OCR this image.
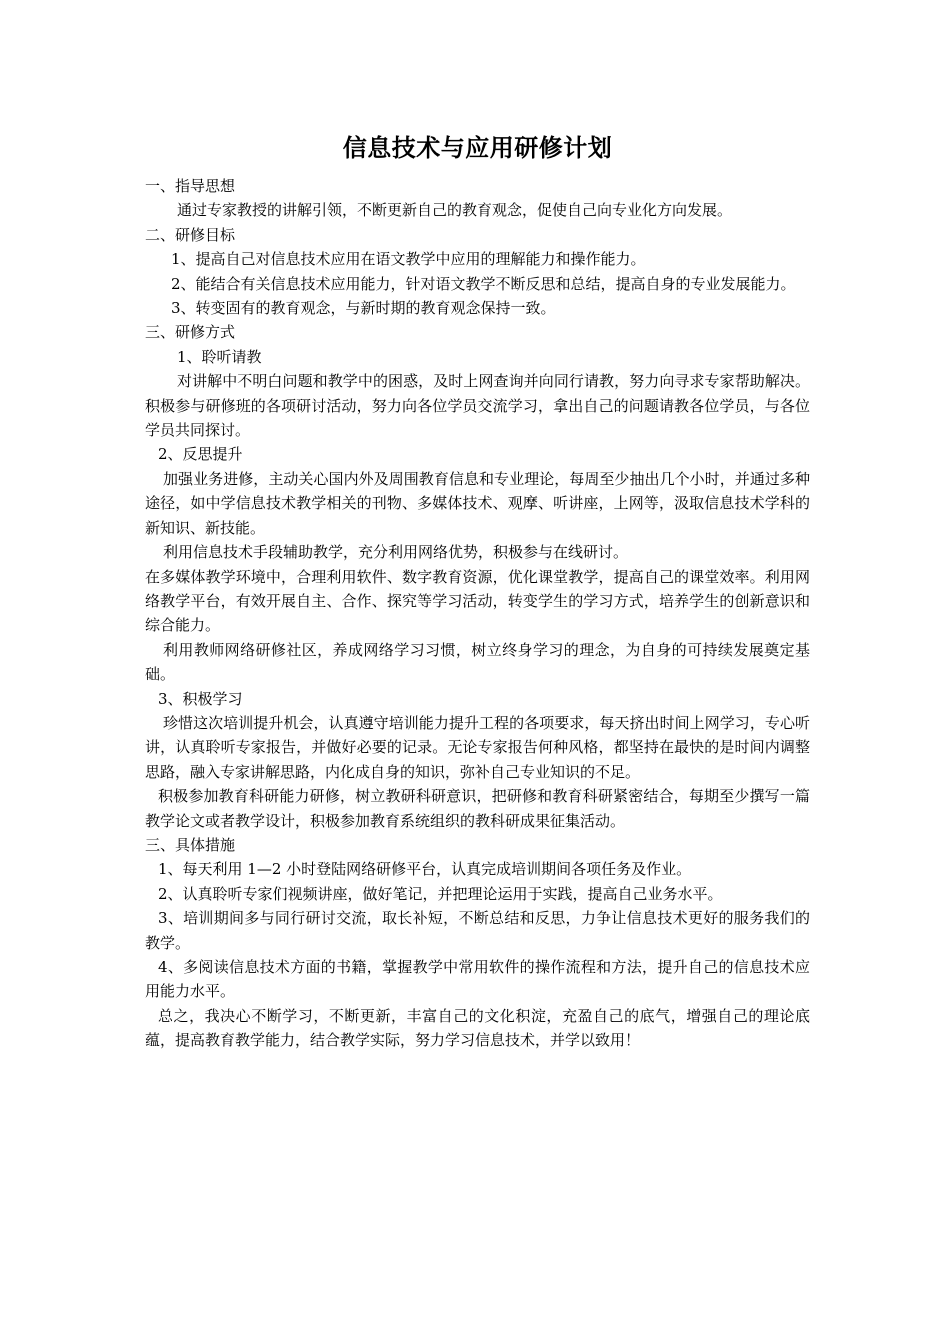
信息技术与应用研修计划

一、指导思想

通过专家教授的讲解引领，不断更新自己的教育观念，促使自己向专业化方向发展。

二、研修目标

1、提高自己对信息技术应用在语文教学中应用的理解能力和操作能力。

2、能结合有关信息技术应用能力，针对语文教学不断反思和总结，提高自身的专业发展能力。

3、转变固有的教育观念，与新时期的教育观念保持一致。

三、研修方式

1、聆听请教

对讲解中不明白问题和教学中的困惑，及时上网查询并向同行请教，努力向寻求专家帮助解决。积极参与研修班的各项研讨活动，努力向各位学员交流学习，拿出自己的问题请教各位学员，与各位学员共同探讨。

2、反思提升

加强业务进修，主动关心国内外及周围教育信息和专业理论，每周至少抽出几个小时，并通过多种途径，如中学信息技术教学相关的刊物、多媒体技术、观摩、听讲座，上网等，汲取信息技术学科的新知识、新技能。

利用信息技术手段辅助教学，充分利用网络优势，积极参与在线研讨。

在多媒体教学环境中，合理利用软件、数字教育资源，优化课堂教学，提高自己的课堂效率。利用网络教学平台，有效开展自主、合作、探究等学习活动，转变学生的学习方式，培养学生的创新意识和综合能力。

利用教师网络研修社区，养成网络学习习惯，树立终身学习的理念，为自身的可持续发展奠定基础。

3、积极学习

珍惜这次培训提升机会，认真遵守培训能力提升工程的各项要求，每天挤出时间上网学习，专心听讲，认真聆听专家报告，并做好必要的记录。无论专家报告何种风格，都坚持在最快的是时间内调整思路，融入专家讲解思路，内化成自身的知识，弥补自己专业知识的不足。

积极参加教育科研能力研修，树立教研科研意识，把研修和教育科研紧密结合，每期至少撰写一篇教学论文或者教学设计，积极参加教育系统组织的教科研成果征集活动。

三、具体措施

1、每天利用 1—2 小时登陆网络研修平台，认真完成培训期间各项任务及作业。

2、认真聆听专家们视频讲座，做好笔记，并把理论运用于实践，提高自己业务水平。

3、培训期间多与同行研讨交流，取长补短，不断总结和反思，力争让信息技术更好的服务我们的教学。

4、多阅读信息技术方面的书籍，掌握教学中常用软件的操作流程和方法，提升自己的信息技术应用能力水平。

总之，我决心不断学习，不断更新，丰富自己的文化积淀，充盈自己的底气，增强自己的理论底蕴，提高教育教学能力，结合教学实际，努力学习信息技术，并学以致用！
